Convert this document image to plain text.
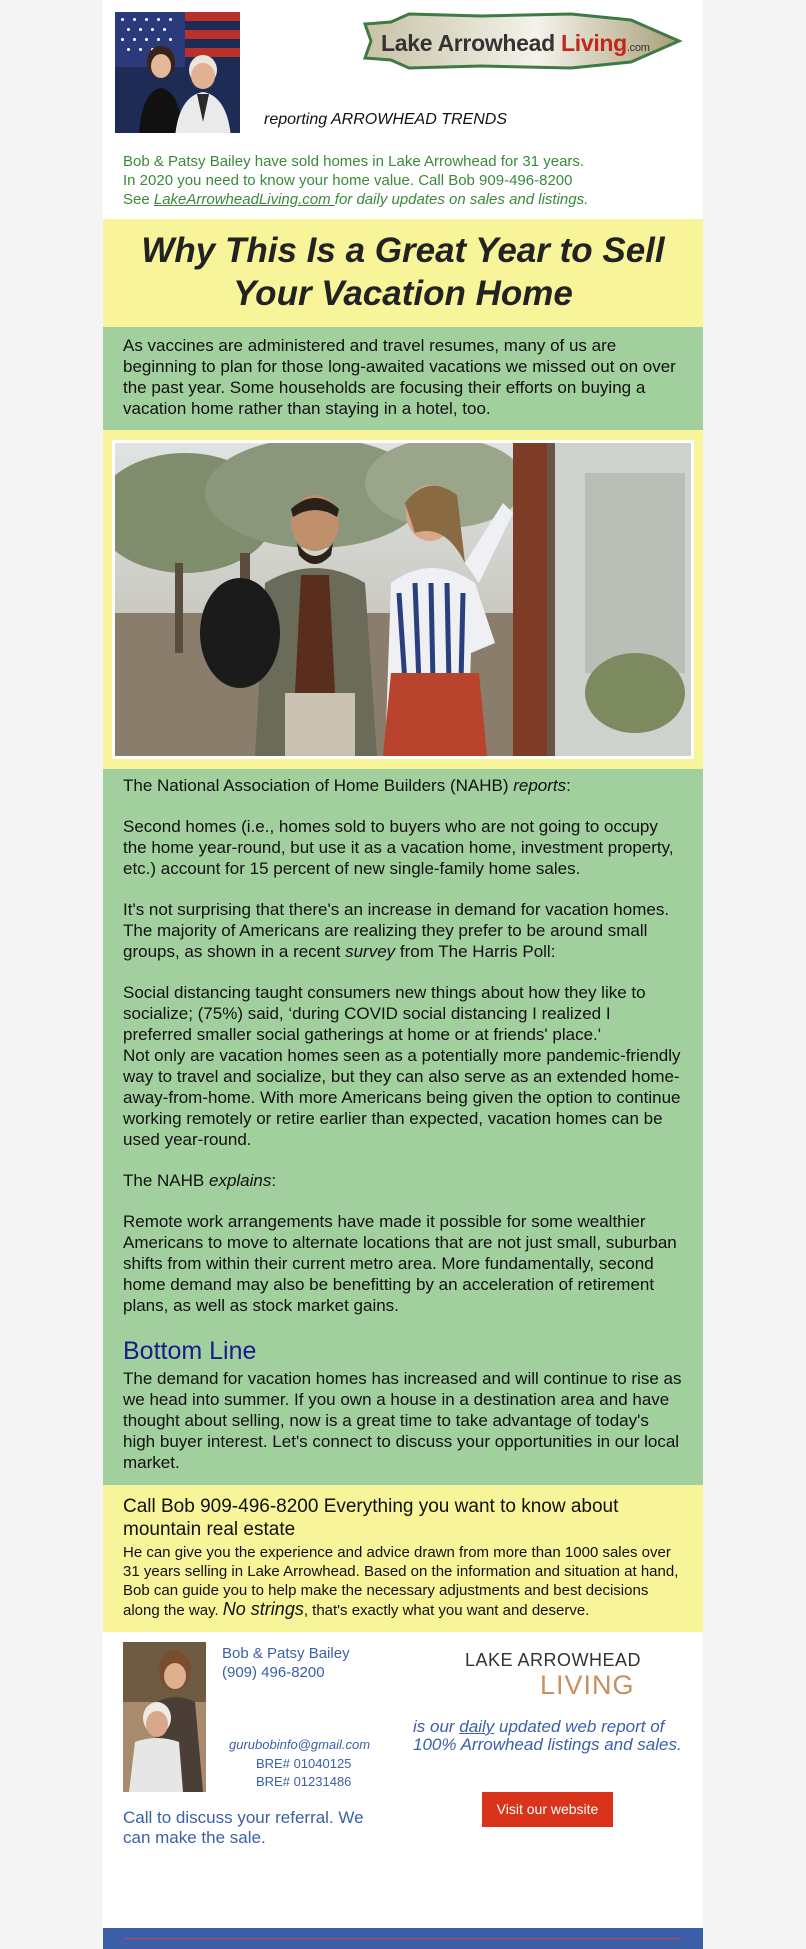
Lake Arrowhead Living.com
reporting ARROWHEAD TRENDS
Bob & Patsy Bailey have sold homes in Lake Arrowhead for 31 years.
In 2020 you need to know your home value. Call Bob 909-496-8200
See LakeArrowheadLiving.com for daily updates on sales and listings.
Why This Is a Great Year to Sell Your Vacation Home
As vaccines are administered and travel resumes, many of us are beginning to plan for those long-awaited vacations we missed out on over the past year. Some households are focusing their efforts on buying a vacation home rather than staying in a hotel, too.

The National Association of Home Builders (NAHB) reports:

Second homes (i.e., homes sold to buyers who are not going to occupy the home year-round, but use it as a vacation home, investment property, etc.) account for 15 percent of new single-family home sales.

It's not surprising that there's an increase in demand for vacation homes. The majority of Americans are realizing they prefer to be around small groups, as shown in a recent survey from The Harris Poll:

Social distancing taught consumers new things about how they like to socialize; (75%) said, ‘during COVID social distancing I realized I preferred smaller social gatherings at home or at friends' place.'

Not only are vacation homes seen as a potentially more pandemic-friendly way to travel and socialize, but they can also serve as an extended home-away-from-home. With more Americans being given the option to continue working remotely or retire earlier than expected, vacation homes can be used year-round.

The NAHB explains:

Remote work arrangements have made it possible for some wealthier Americans to move to alternate locations that are not just small, suburban shifts from within their current metro area. More fundamentally, second home demand may also be benefitting by an acceleration of retirement plans, as well as stock market gains.

Bottom Line

The demand for vacation homes has increased and will continue to rise as we head into summer. If you own a house in a destination area and have thought about selling, now is a great time to take advantage of today's high buyer interest. Let's connect to discuss your opportunities in our local market.

Call Bob 909-496-8200 Everything you want to know about mountain real estate
He can give you the experience and advice drawn from more than 1000 sales over 31 years selling in Lake Arrowhead. Based on the information and situation at hand, Bob can guide you to help make the necessary adjustments and best decisions along the way. No strings, that's exactly what you want and deserve.
Bob & Patsy Bailey
(909) 496-8200
gurubobinfo@gmail.com
BRE# 01040125
BRE# 01231486
Call to discuss your referral. We can make the sale.
LAKE ARROWHEAD
LIVING
is our daily updated web report of 100% Arrowhead listings and sales.
Visit our website
